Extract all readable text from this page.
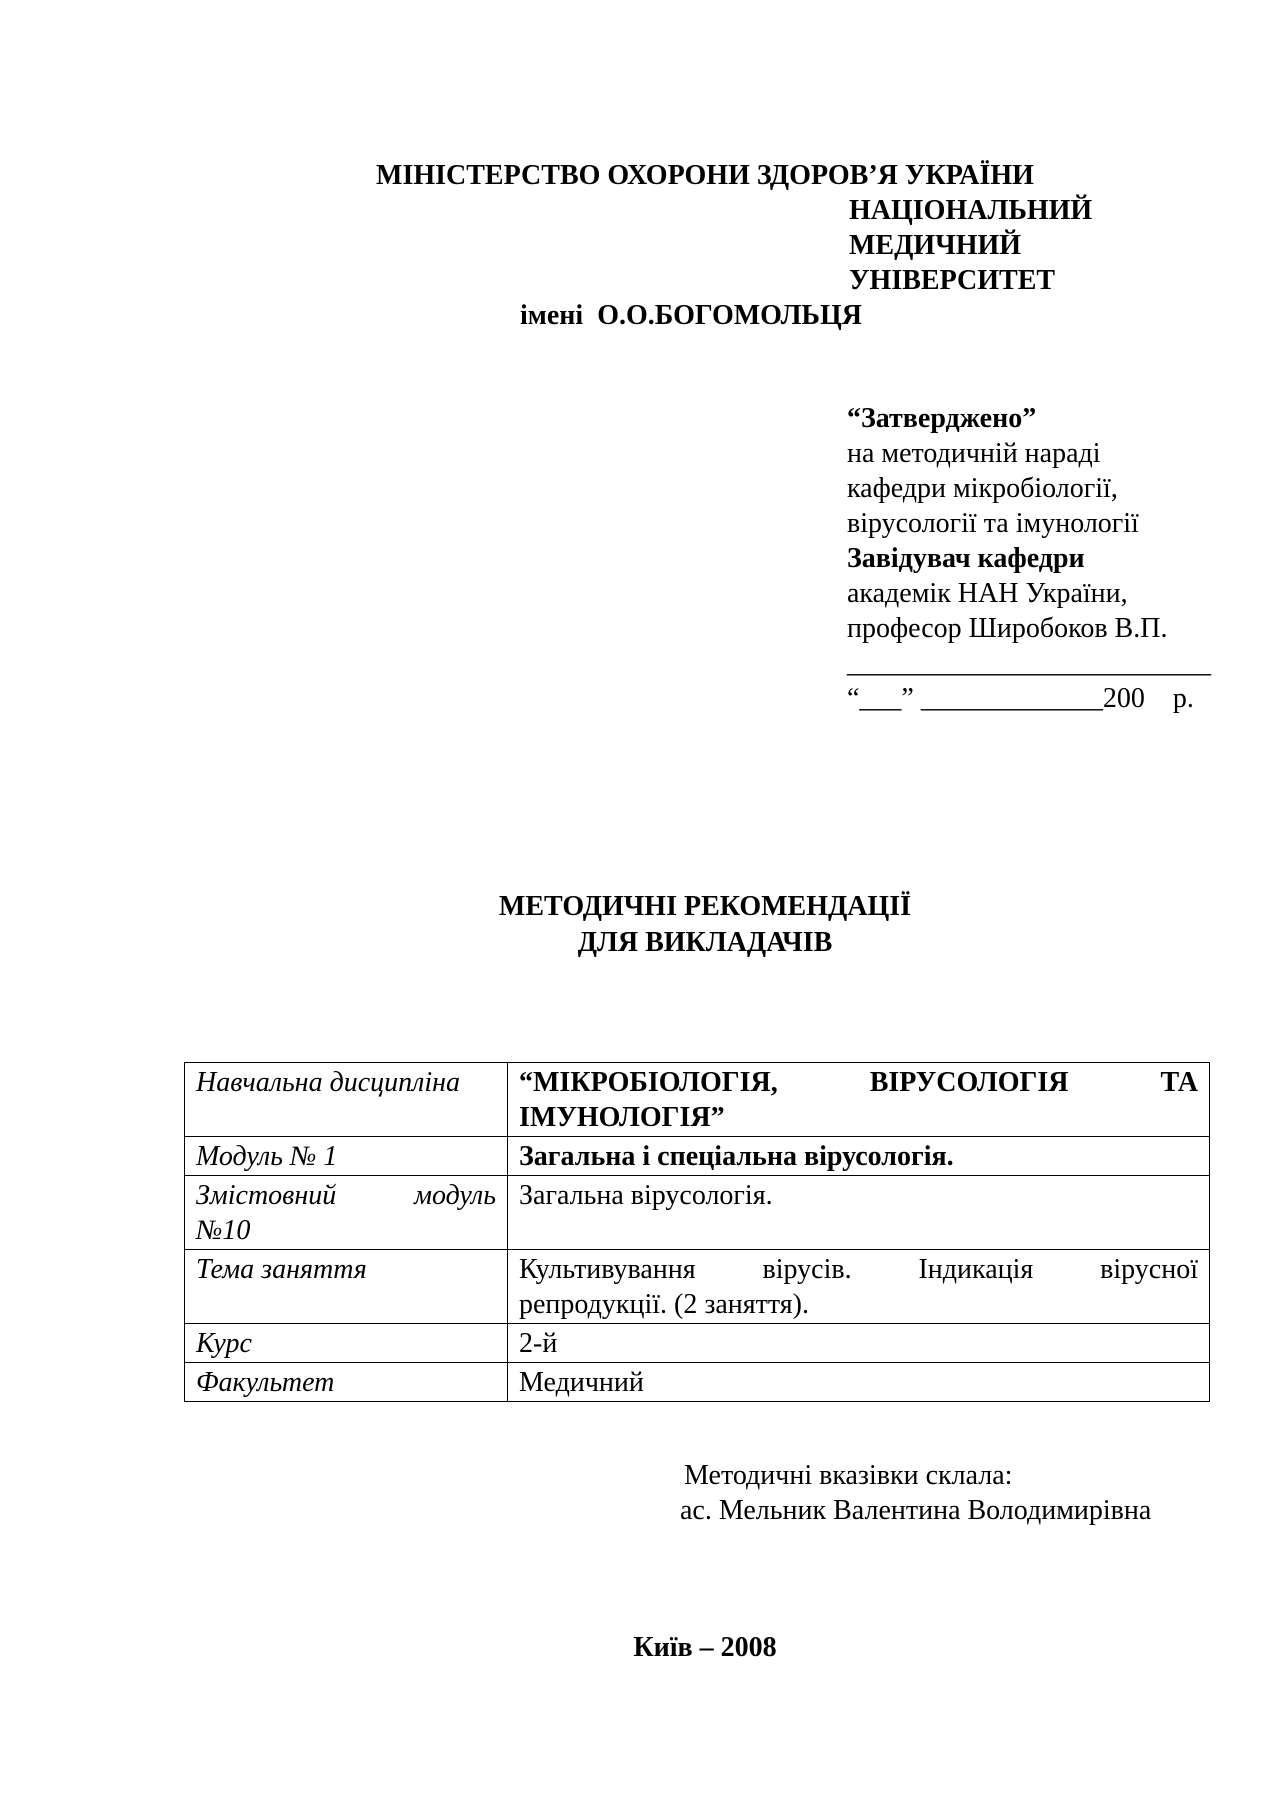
МІНІСТЕРСТВО ОХОРОНИ ЗДОРОВ’Я УКРАЇНИ
НАЦІОНАЛЬНИЙ
МЕДИЧНИЙ
УНІВЕРСИТЕТ
імені О.О.БОГОМОЛЬЦЯ
“Затверджено”
на методичній нараді
кафедри мікробіології,
вірусології та імунології
Завідувач кафедри
академік НАН України,
професор Широбоков В.П.
__________________________
“___” _____________200    р.
МЕТОДИЧНІ РЕКОМЕНДАЦІЇ
ДЛЯ ВИКЛАДАЧІВ
Навчальна дисципліна	“МІКРОБІОЛОГІЯ, ВІРУСОЛОГІЯ ТА
ІМУНОЛОГІЯ”

Модуль № 1	Загальна і спеціальна вірусологія.

Змістовний модуль
№10	Загальна вірусологія.
Тема заняття	Культивування вірусів. Індикація вірусної
репродукції. (2 заняття).

Курс	2-й
Факультет	Медичний
Методичні вказівки склала:
ас. Мельник Валентина Володимирівна
Київ – 2008
